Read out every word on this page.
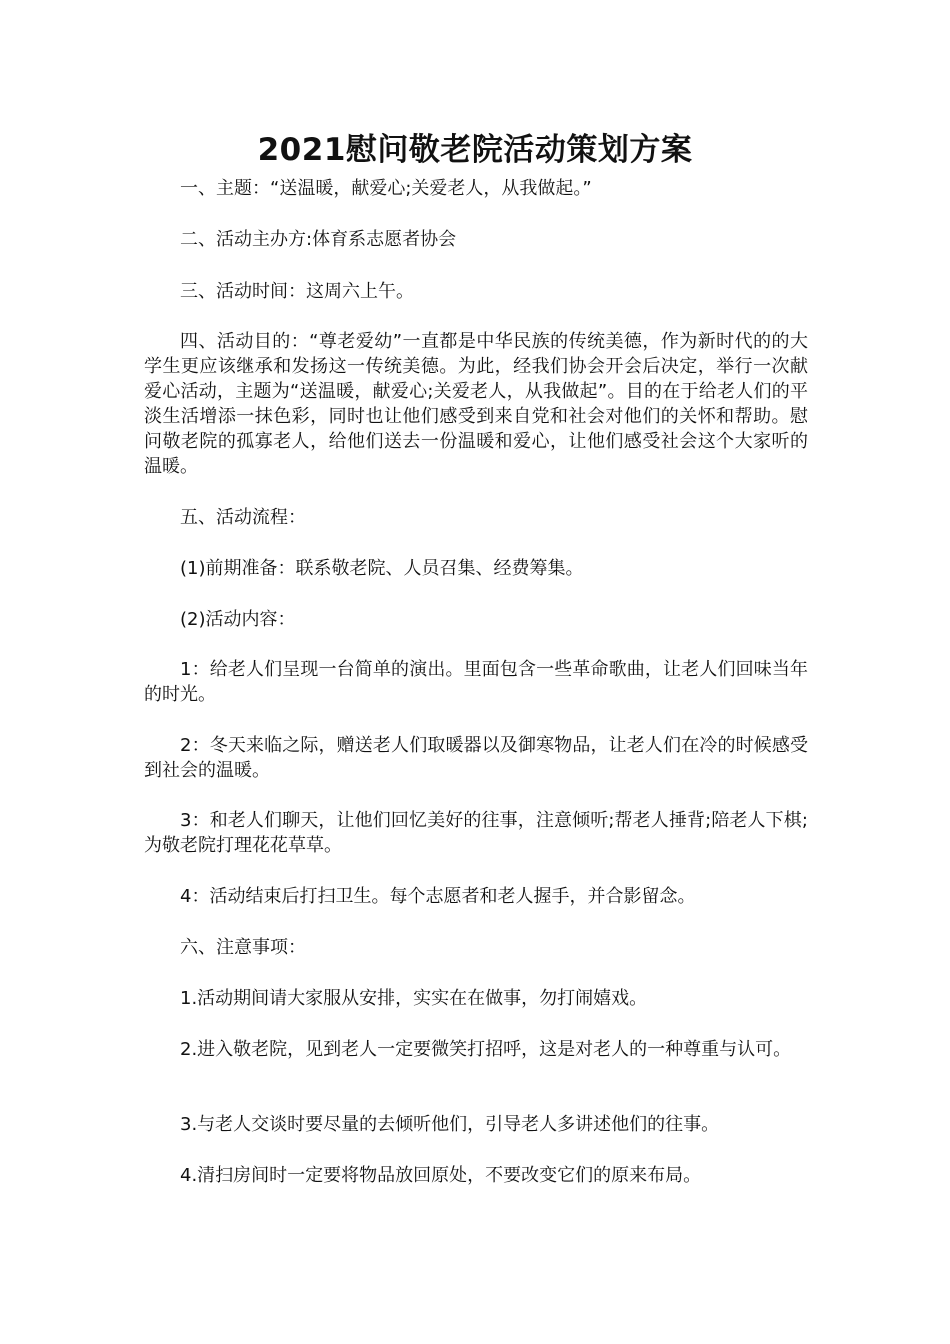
2021慰问敬老院活动策划方案

一、主题：“送温暖，献爱心;关爱老人，从我做起。”

二、活动主办方:体育系志愿者协会

三、活动时间：这周六上午。

四、活动目的：“尊老爱幼”一直都是中华民族的传统美德，作为新时代的的大学生更应该继承和发扬这一传统美德。为此，经我们协会开会后决定，举行一次献爱心活动，主题为“送温暖，献爱心;关爱老人，从我做起”。目的在于给老人们的平淡生活增添一抹色彩，同时也让他们感受到来自党和社会对他们的关怀和帮助。慰问敬老院的孤寡老人，给他们送去一份温暖和爱心，让他们感受社会这个大家听的温暖。

五、活动流程：

(1)前期准备：联系敬老院、人员召集、经费筹集。

(2)活动内容：

1：给老人们呈现一台简单的演出。里面包含一些革命歌曲，让老人们回味当年的时光。

2：冬天来临之际，赠送老人们取暖器以及御寒物品，让老人们在冷的时候感受到社会的温暖。

3：和老人们聊天，让他们回忆美好的往事，注意倾听;帮老人捶背;陪老人下棋;为敬老院打理花花草草。

4：活动结束后打扫卫生。每个志愿者和老人握手，并合影留念。

六、注意事项：

1.活动期间请大家服从安排，实实在在做事，勿打闹嬉戏。

2.进入敬老院，见到老人一定要微笑打招呼，这是对老人的一种尊重与认可。

3.与老人交谈时要尽量的去倾听他们，引导老人多讲述他们的往事。

4.清扫房间时一定要将物品放回原处，不要改变它们的原来布局。
